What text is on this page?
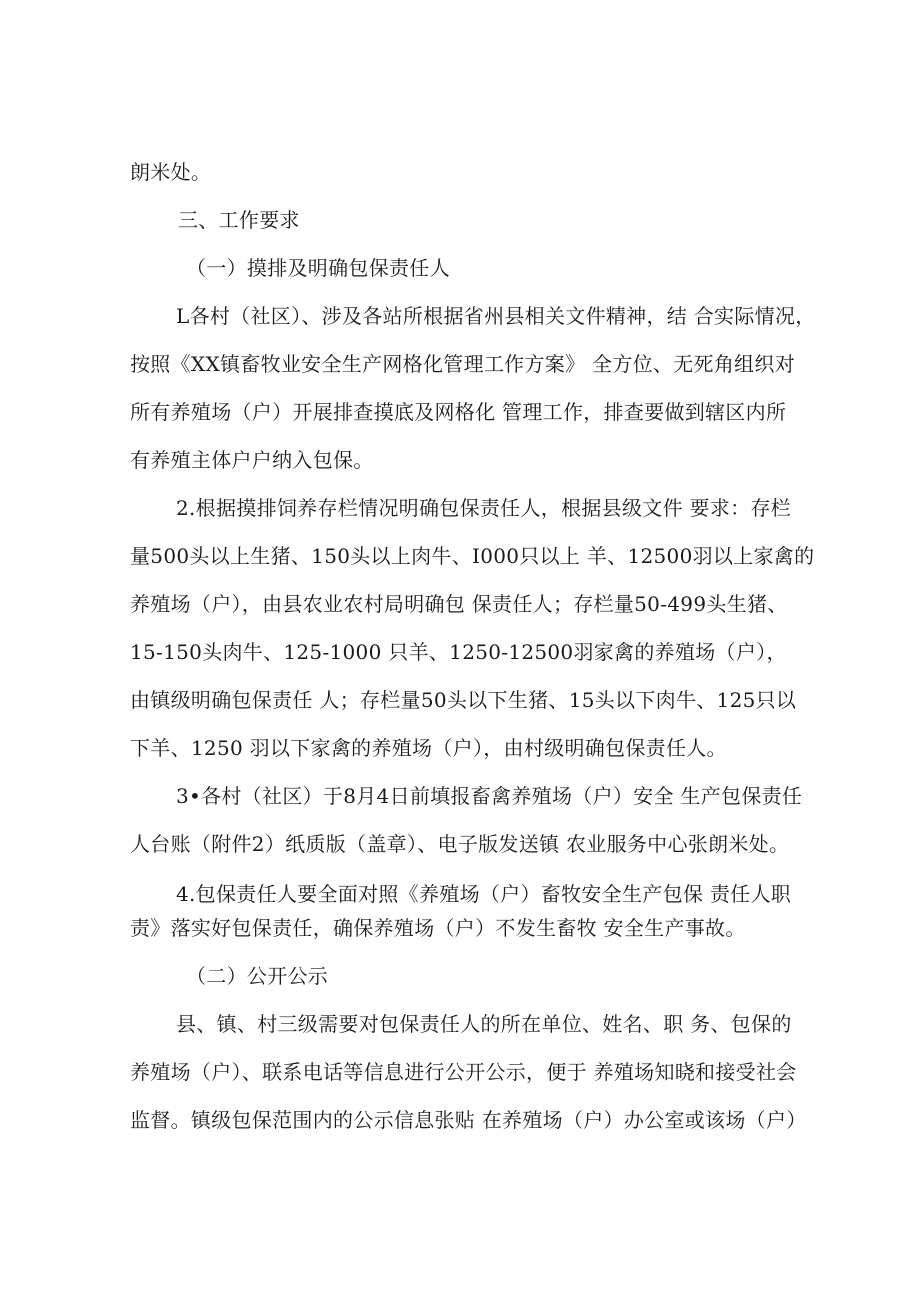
朗米处。
三、工作要求
（一）摸排及明确包保责任人
L各村（社区）、涉及各站所根据省州县相关文件精神，结 合实际情况，
按照《XX镇畜牧业安全生产网格化管理工作方案》 全方位、无死角组织对
所有养殖场（户）开展排查摸底及网格化 管理工作，排查要做到辖区内所
有养殖主体户户纳入包保。
2.根据摸排饲养存栏情况明确包保责任人，根据县级文件 要求：存栏
量500头以上生猪、150头以上肉牛、I000只以上 羊、12500羽以上家禽的
养殖场（户），由县农业农村局明确包 保责任人；存栏量50-499头生猪、
15-150头肉牛、125-1000 只羊、1250-12500羽家禽的养殖场（户），
由镇级明确包保责任 人；存栏量50头以下生猪、15头以下肉牛、125只以
下羊、1250 羽以下家禽的养殖场（户），由村级明确包保责任人。
3•各村（社区）于8月4日前填报畜禽养殖场（户）安全 生产包保责任
人台账（附件2）纸质版（盖章）、电子版发送镇 农业服务中心张朗米处。
4.包保责任人要全面对照《养殖场（户）畜牧安全生产包保 责任人职
责》落实好包保责任，确保养殖场（户）不发生畜牧 安全生产事故。
（二）公开公示
县、镇、村三级需要对包保责任人的所在单位、姓名、职 务、包保的
养殖场（户）、联系电话等信息进行公开公示，便于 养殖场知晓和接受社会
监督。镇级包保范围内的公示信息张贴 在养殖场（户）办公室或该场（户）
